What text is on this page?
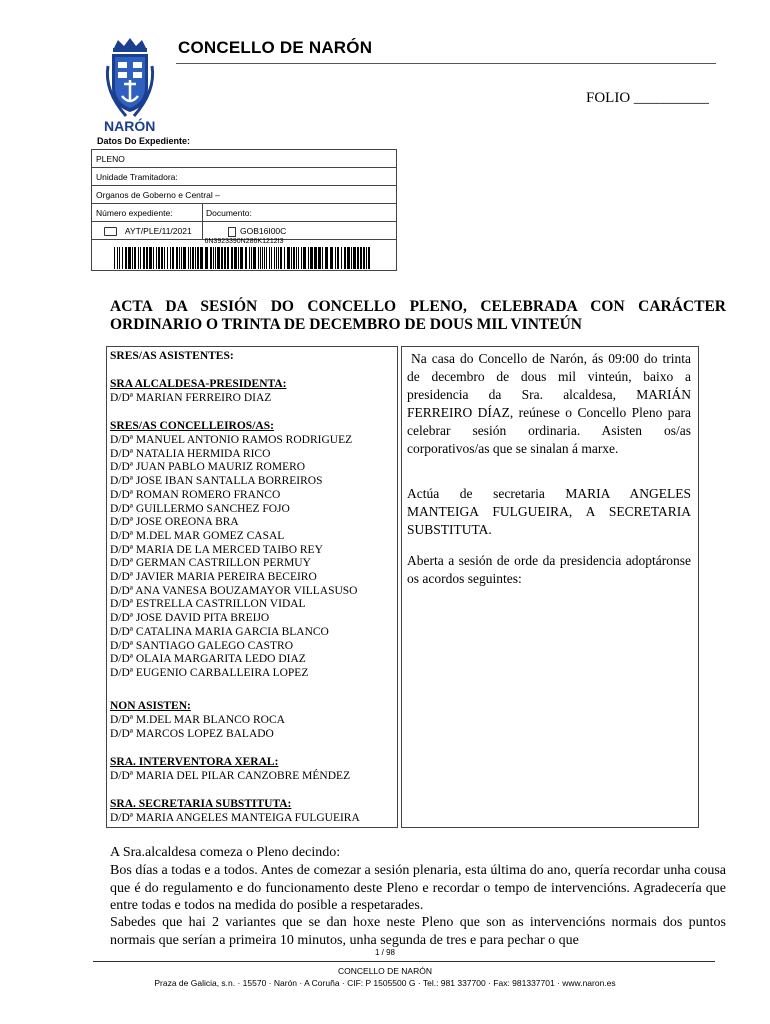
NARÓN
CONCELLO DE NARÓN
FOLIO __________
Datos Do Expediente:
PLENO
Unidade Tramitadora:
Organos de Goberno e Central –
Número expediente:	Documento:
AYT/PLE/11/2021	GOB16I00C
6N3923390N286K1212I3
ACTA DA SESIÓN DO CONCELLO PLENO, CELEBRADA CON CARÁCTER ORDINARIO O TRINTA DE DECEMBRO DE DOUS MIL VINTEÚN
SRES/AS ASISTENTES:
SRA ALCALDESA-PRESIDENTA:
D/Dª MARIAN FERREIRO DIAZ
SRES/AS CONCELLEIROS/AS:
D/Dª MANUEL ANTONIO RAMOS RODRIGUEZ
D/Dª NATALIA HERMIDA RICO
D/Dª JUAN PABLO MAURIZ ROMERO
D/Dª JOSE IBAN SANTALLA BORREIROS
D/Dª ROMAN ROMERO FRANCO
D/Dª GUILLERMO SANCHEZ FOJO
D/Dª JOSE OREONA BRA
D/Dª M.DEL MAR GOMEZ CASAL
D/Dª MARIA DE LA MERCED TAIBO REY
D/Dª GERMAN CASTRILLON PERMUY
D/Dª JAVIER MARIA PEREIRA BECEIRO
D/Dª ANA VANESA BOUZAMAYOR VILLASUSO
D/Dª ESTRELLA CASTRILLON VIDAL
D/Dª JOSE DAVID PITA BREIJO
D/Dª CATALINA MARIA GARCIA BLANCO
D/Dª SANTIAGO GALEGO CASTRO
D/Dª OLAIA MARGARITA LEDO DIAZ
D/Dª EUGENIO CARBALLEIRA LOPEZ
NON ASISTEN:
D/Dª M.DEL MAR BLANCO ROCA
D/Dª MARCOS LOPEZ BALADO
SRA. INTERVENTORA XERAL:
D/Dª MARIA DEL PILAR CANZOBRE MÉNDEZ
SRA. SECRETARIA SUBSTITUTA:
D/Dª MARIA ANGELES MANTEIGA FULGUEIRA
Na casa do Concello de Narón, ás 09:00 do trinta de decembro de dous mil vinteún, baixo a presidencia da Sra. alcaldesa, MARIÁN FERREIRO DÍAZ, reúnese o Concello Pleno para celebrar sesión ordinaria. Asisten os/as corporativos/as que se sinalan á marxe.
Actúa de secretaria MARIA ANGELES MANTEIGA FULGUEIRA, A SECRETARIA SUBSTITUTA.
Aberta a sesión de orde da presidencia adoptáronse os acordos seguintes:
A Sra.alcaldesa comeza o Pleno decindo:
Bos días a todas e a todos. Antes de comezar a sesión plenaria, esta última do ano, quería recordar unha cousa que é do regulamento e do funcionamento deste Pleno e recordar o tempo de intervencións. Agradecería que entre todas e todos na medida do posible a respetarades.
Sabedes que hai 2 variantes que se dan hoxe neste Pleno que son as intervencións normais dos puntos normais que serían a primeira 10 minutos, unha segunda de tres e para pechar o que
1 / 98
CONCELLO DE NARÓN
Praza de Galicia, s.n. · 15570 · Narón · A Coruña · CIF: P 1505500 G · Tel.: 981 337700 · Fax: 981337701 · www.naron.es
